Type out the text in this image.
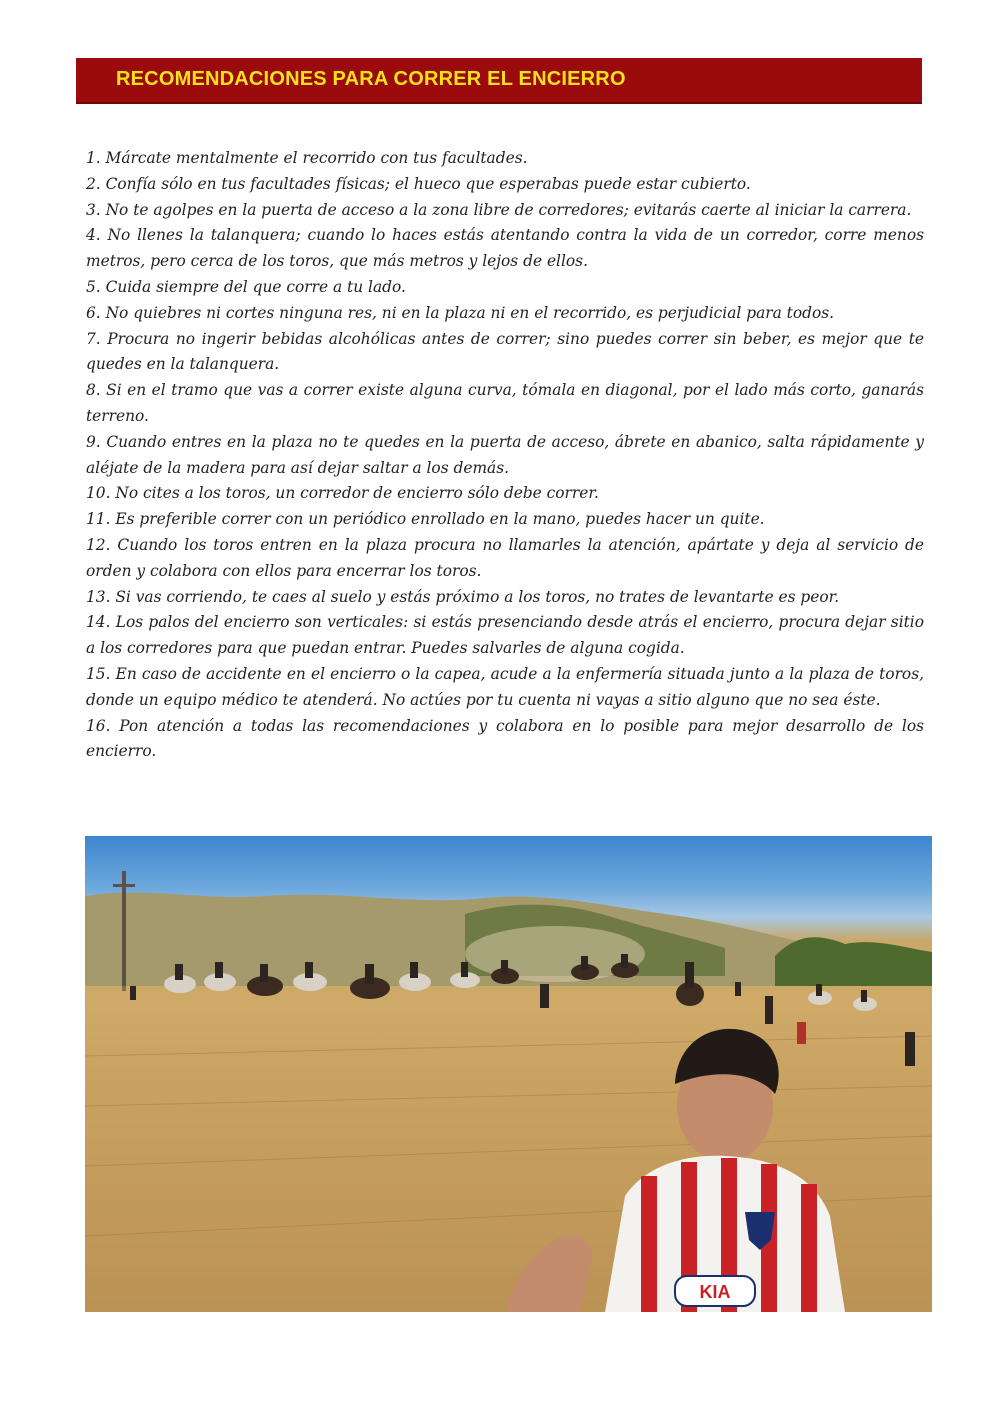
RECOMENDACIONES PARA CORRER EL ENCIERRO
1. Márcate mentalmente el recorrido con tus facultades.
2. Confía sólo en tus facultades físicas; el hueco que esperabas puede estar cubierto.
3. No te agolpes en la puerta de acceso a la zona libre de corredores; evitarás caerte al iniciar la carrera.
4. No llenes la talanquera; cuando lo haces estás atentando contra la vida de un corredor, corre menos metros, pero cerca de los toros, que más metros y lejos de ellos.
5. Cuida siempre del que corre a tu lado.
6. No quiebres ni cortes ninguna res, ni en la plaza ni en el recorrido, es perjudicial para todos.
7. Procura no ingerir bebidas alcohólicas antes de correr; sino puedes correr sin beber, es mejor que te quedes en la talanquera.
8. Si en el tramo que vas a correr existe alguna curva, tómala en diagonal, por el lado más corto, ganarás terreno.
9. Cuando entres en la plaza no te quedes en la puerta de acceso, ábrete en abanico, salta rápidamente y aléjate de la madera para así dejar saltar a los demás.
10. No cites a los toros, un corredor de encierro sólo debe correr.
11. Es preferible correr con un periódico enrollado en la mano, puedes hacer un quite.
12. Cuando los toros entren en la plaza procura no llamarles la atención, apártate y deja al servicio de orden y colabora con ellos para encerrar los toros.
13. Si vas corriendo, te caes al suelo y estás próximo a los toros, no trates de levantarte es peor.
14. Los palos del encierro son verticales: si estás presenciando desde atrás el encierro, procura dejar sitio a los corredores para que puedan entrar. Puedes salvarles de alguna cogida.
15. En caso de accidente en el encierro o la capea, acude a la enfermería situada junto a la plaza de toros, donde un equipo médico te atenderá. No actúes por tu cuenta ni vayas a sitio alguno que no sea éste.
16. Pon atención a todas las recomendaciones y colabora en lo posible para mejor desarrollo de los encierro.
KIA
